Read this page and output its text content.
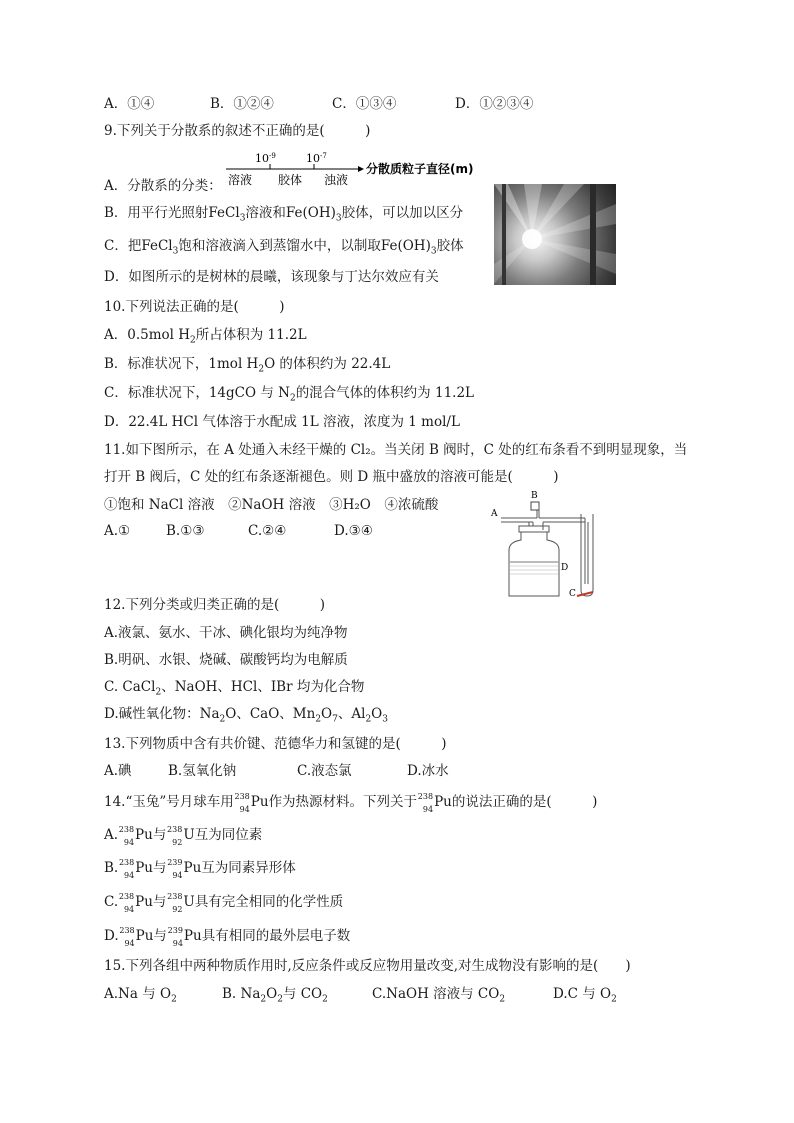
A．①④	B．①②④	C．①③④	D．①②③④
9.下列关于分散系的叙述不正确的是(　　　)
$10^{-9}$	$10^{-7}$
溶液 胶体 浊液
分散质粒子直径(m)
A．分散系的分类：
B．用平行光照射FeCl$_3$溶液和$Fe(OH)_3$胶体，可以加以区分
C．把FeCl$_3$饱和溶液滴入到蒸馏水中，以制取$Fe(OH)_3$胶体
D．如图所示的是树林的晨曦，该现象与丁达尔效应有关
10.下列说法正确的是(　　　)
A．0.5mol $H_2$所占体积为 11.2L
B．标准状况下，1mol $H_2O$ 的体积约为 22.4L
C．标准状况下，14gCO 与 $N_2$的混合气体的体积约为 11.2L
D．22.4L HCl 气体溶于水配成 1L 溶液，浓度为 1 mol/L
11.如下图所示，在 A 处通入未经干燥的 Cl₂。当关闭 B 阀时，C 处的红布条看不到明显现象，当
打开 B 阀后，C 处的红布条逐渐褪色。则 D 瓶中盛放的溶液可能是(　　　)
①饱和 NaCl 溶液　②NaOH 溶液　③H₂O　④浓硫酸
A.①	B.①③	C.②④	D.③④
A
B
C
D
12.下列分类或归类正确的是(　　　)
A.液氯、氨水、干冰、碘化银均为纯净物
B.明矾、水银、烧碱、碳酸钙均为电解质
C. CaCl$_2$、NaOH、HCl、IBr 均为化合物
D.碱性氧化物：$Na_2O$、CaO、$Mn_2O_7$、$Al_2O_3$
13.下列物质中含有共价键、范德华力和氢键的是(　　　)
A.碘	B.氢氧化钠	C.液态氯	D.冰水
14.“玉兔”号月球车用 238
94 Pu作为热源材料。下列关于 238
94 Pu的说法正确的是(　　　)
A. 238
94 Pu与 238
92 U互为同位素
B. 238
94 Pu与 239
94 Pu互为同素异形体
C. 238
94 Pu与 238
92 U具有完全相同的化学性质
D. 238
94 Pu与 239
94 Pu具有相同的最外层电子数
15.下列各组中两种物质作用时,反应条件或反应物用量改变,对生成物没有影响的是(　　)
A.Na 与 $O_2$	B. $Na_2O_2$与 $CO_2$	C.NaOH 溶液与 $CO_2$	D.C 与 $O_2$
